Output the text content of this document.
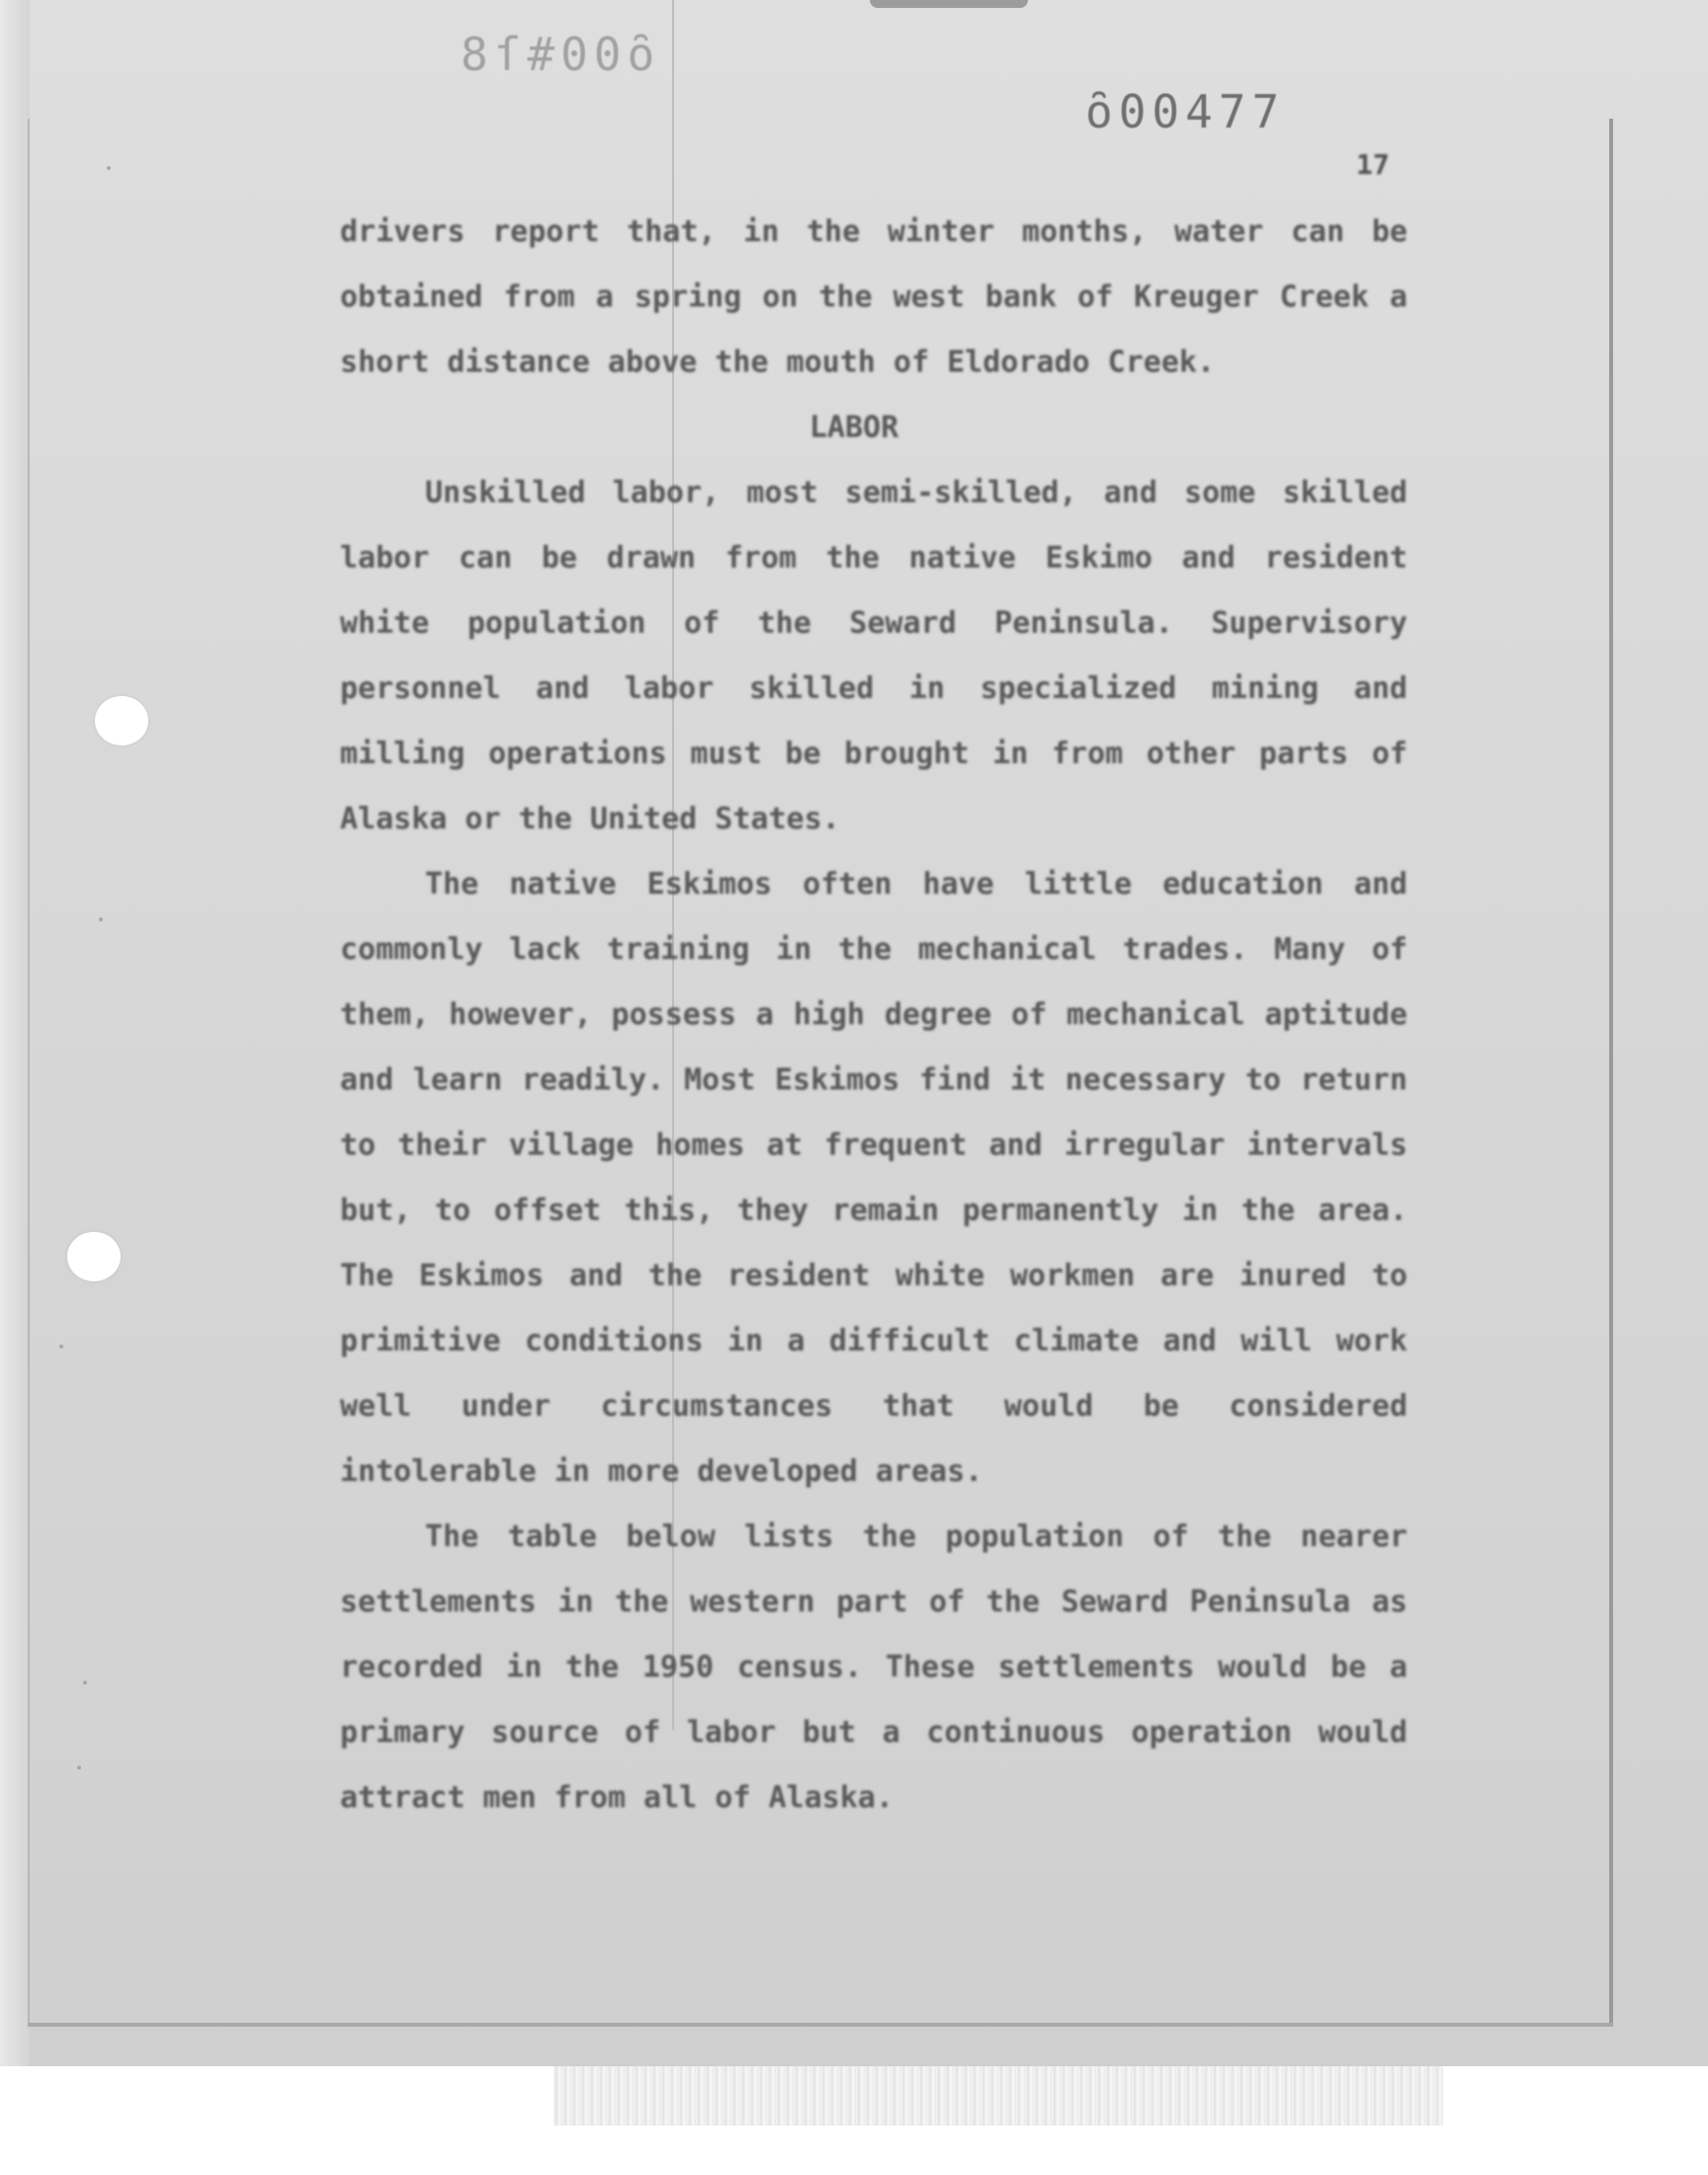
8ſ#00ȏ
ȏ00477
17

drivers report that, in the winter months, water can be obtained from a spring on the west bank of Kreuger Creek a short distance above the mouth of Eldorado Creek.

LABOR

Unskilled labor, most semi-skilled, and some skilled labor can be drawn from the native Eskimo and resident white population of the Seward Peninsula. Supervisory personnel and labor skilled in specialized mining and milling operations must be brought in from other parts of Alaska or the United States.

The native Eskimos often have little education and commonly lack training in the mechanical trades. Many of them, however, possess a high degree of mechanical aptitude and learn readily. Most Eskimos find it necessary to return to their village homes at frequent and irregular intervals but, to offset this, they remain permanently in the area. The Eskimos and the resident white workmen are inured to primitive conditions in a difficult climate and will work well under circumstances that would be considered intolerable in more developed areas.

The table below lists the population of the nearer settlements in the western part of the Seward Peninsula as recorded in the 1950 census. These settlements would be a primary source of labor but a continuous operation would attract men from all of Alaska.
